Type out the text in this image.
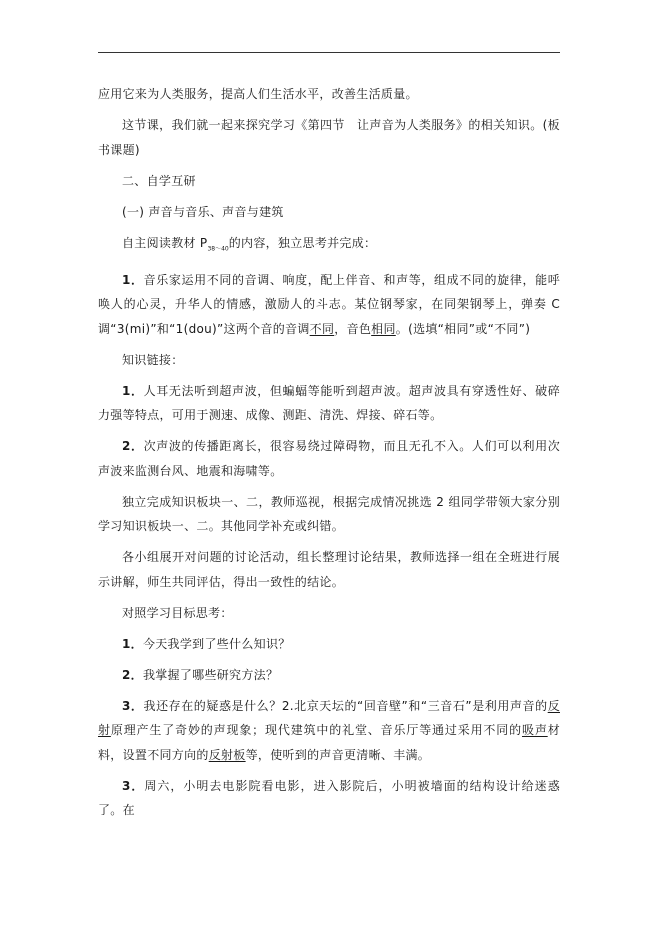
应用它来为人类服务，提高人们生活水平，改善生活质量。

这节课，我们就一起来探究学习《第四节　让声音为人类服务》的相关知识。(板书课题)

二、自学互研

(一) 声音与音乐、声音与建筑

自主阅读教材 $P_{38\sim 40}$的内容，独立思考并完成：

1．音乐家运用不同的音调、响度，配上伴音、和声等，组成不同的旋律，能呼唤人的心灵，升华人的情感，激励人的斗志。某位钢琴家，在同架钢琴上，弹奏 C 调“3(mi)”和“1(dou)”这两个音的音调不同，音色相同。(选填“相同”或“不同”)

知识链接：

1．人耳无法听到超声波，但蝙蝠等能听到超声波。超声波具有穿透性好、破碎力强等特点，可用于测速、成像、测距、清洗、焊接、碎石等。

2．次声波的传播距离长，很容易绕过障碍物，而且无孔不入。人们可以利用次声波来监测台风、地震和海啸等。

独立完成知识板块一、二，教师巡视，根据完成情况挑选 2 组同学带领大家分别学习知识板块一、二。其他同学补充或纠错。

各小组展开对问题的讨论活动，组长整理讨论结果，教师选择一组在全班进行展示讲解，师生共同评估，得出一致性的结论。

对照学习目标思考：

1．今天我学到了些什么知识？

2．我掌握了哪些研究方法？

3．我还存在的疑惑是什么？2.北京天坛的“回音壁”和“三音石”是利用声音的反射原理产生了奇妙的声现象；现代建筑中的礼堂、音乐厅等通过采用不同的吸声材料，设置不同方向的反射板等，使听到的声音更清晰、丰满。

3．周六，小明去电影院看电影，进入影院后，小明被墙面的结构设计给迷惑了。在
